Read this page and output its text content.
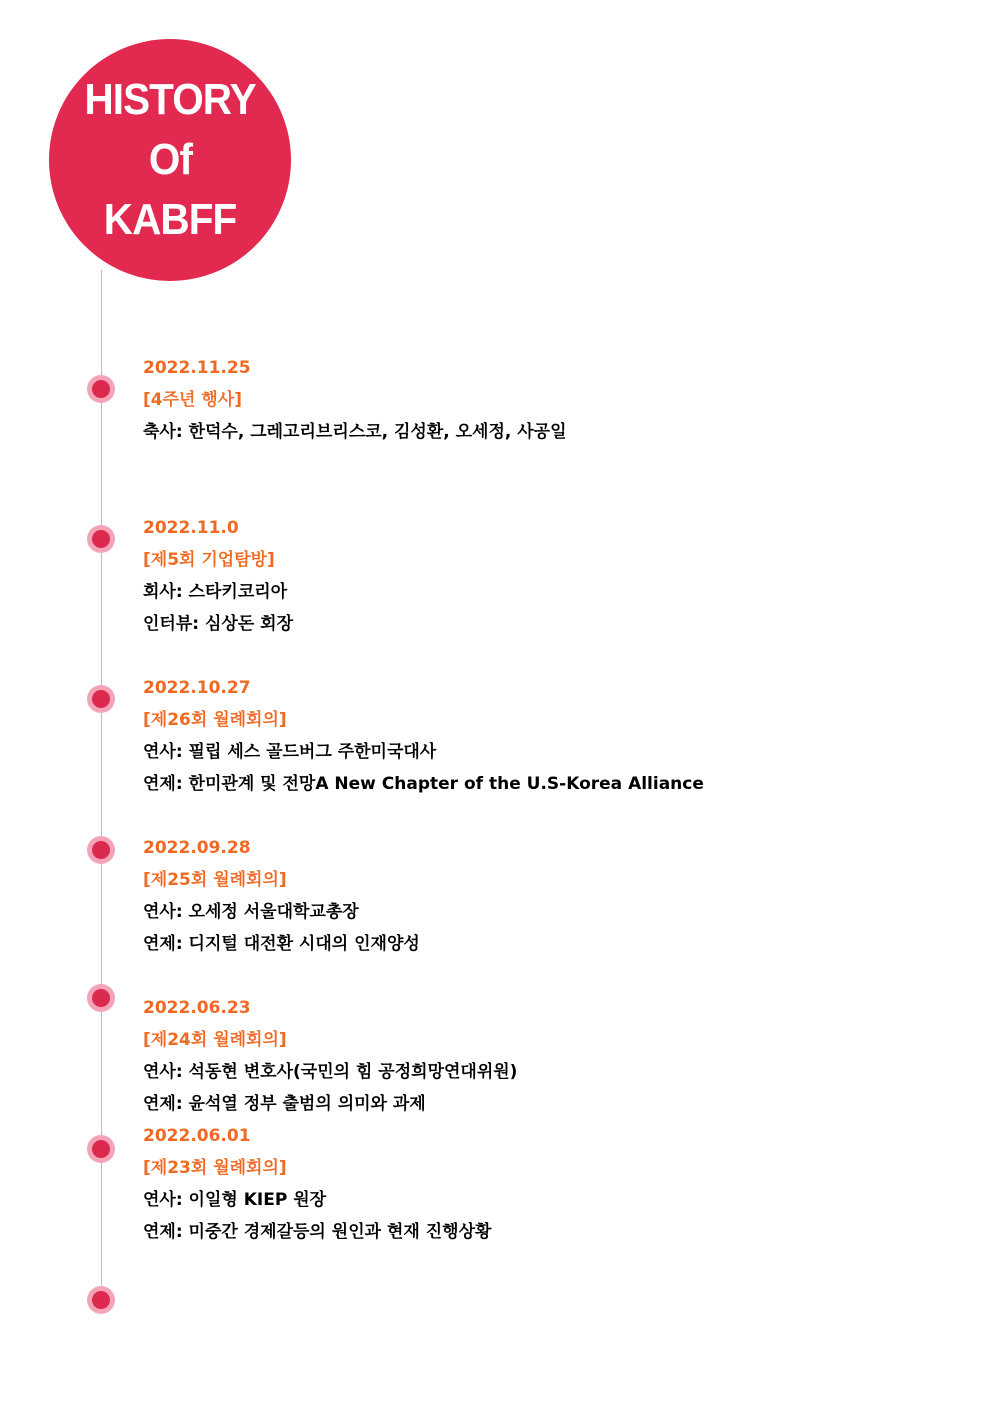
HISTORY
Of
KABFF
2022.11.25
[4주년 행사]
축사: 한덕수, 그레고리브리스코, 김성환, 오세정, 사공일
2022.11.0
[제5회 기업탐방]
회사: 스타키코리아
인터뷰: 심상돈 회장
2022.10.27
[제26회 월례회의]
연사: 필립 세스 골드버그 주한미국대사
연제: 한미관계 및 전망A New Chapter of the U.S-Korea Alliance
2022.09.28
[제25회 월례회의]
연사: 오세정 서울대학교총장
연제: 디지털 대전환 시대의 인재양성
2022.06.23
[제24회 월례회의]
연사: 석동현 변호사(국민의 힘 공정희망연대위원)
연제: 윤석열 정부 출범의 의미와 과제
2022.06.01
[제23회 월례회의]
연사: 이일형 KIEP 원장
연제: 미중간 경제갈등의 원인과 현재 진행상황
